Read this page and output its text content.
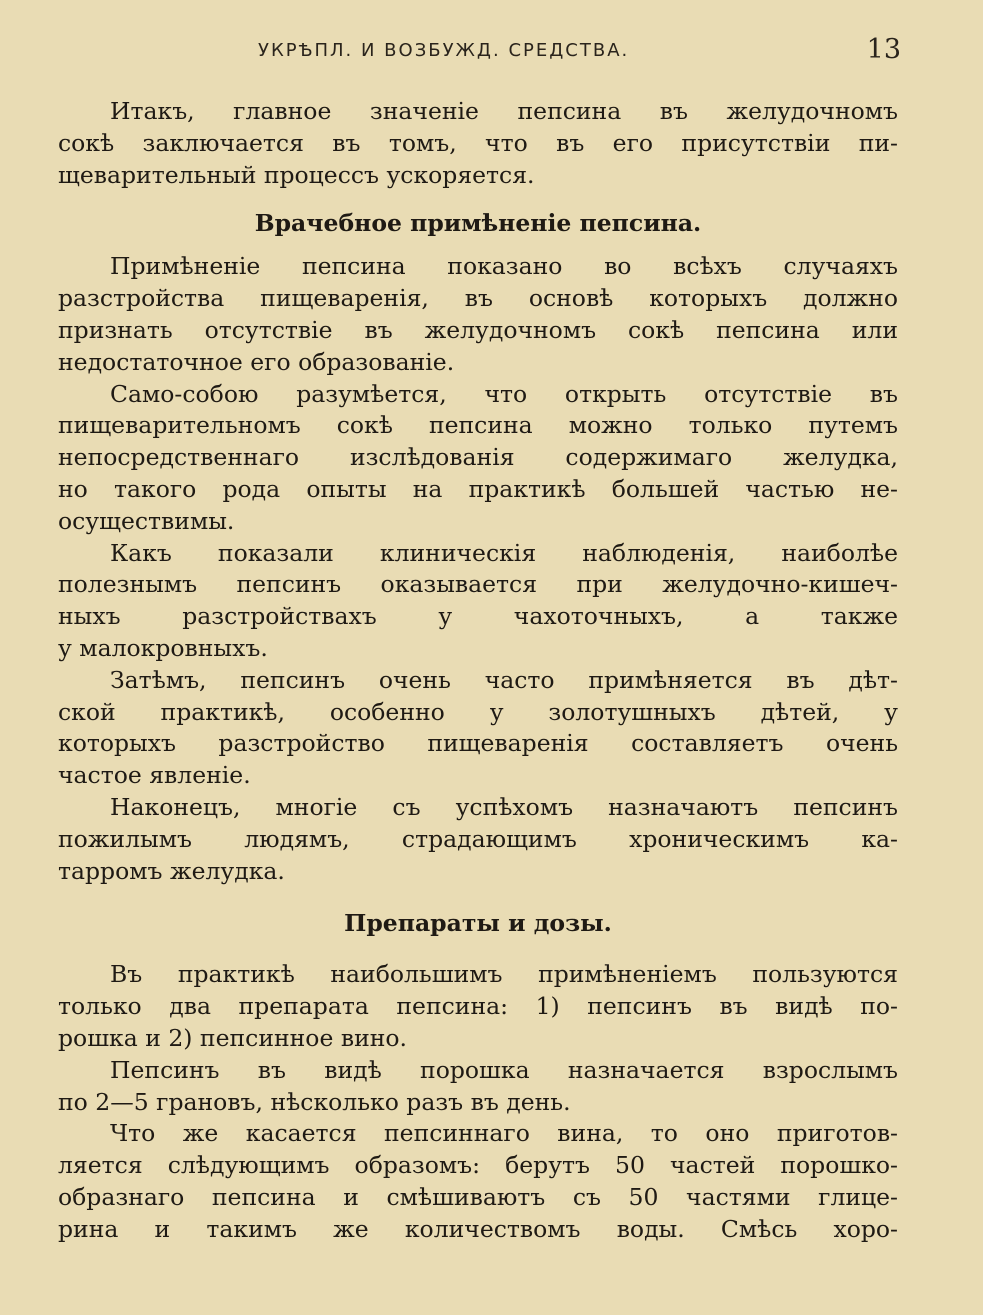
УКРѢПЛ. И ВОЗБУЖД. СРЕДСТВА.	13

Итакъ, главное значенiе пепсина въ желудочномъ
сокѣ заключается въ томъ, что въ его присутствiи пи-
щеварительный процессъ ускоряется.

Врачебное примѣненiе пепсина.

Примѣненiе пепсина показано во всѣхъ случаяхъ
разстройства пищеваренiя, въ основѣ которыхъ должно
признать отсутствiе въ желудочномъ сокѣ пепсина или
недостаточное его образованiе.

Само-собою разумѣется, что открыть отсутствiе въ
пищеварительномъ сокѣ пепсина можно только путемъ
непосредственнаго изслѣдованiя содержимаго желудка,
но такого рода опыты на практикѣ большей частью не-
осуществимы.

Какъ показали клиническiя наблюденiя, наиболѣе
полезнымъ пепсинъ оказывается при желудочно-кишеч-
ныхъ разстройствахъ у чахоточныхъ, а также
у малокровныхъ.

Затѣмъ, пепсинъ очень часто примѣняется въ дѣт-
ской практикѣ, особенно у золотушныхъ дѣтей, у
которыхъ разстройство пищеваренiя составляетъ очень
частое явленiе.

Наконецъ, многiе съ успѣхомъ назначаютъ пепсинъ
пожилымъ людямъ, страдающимъ хроническимъ ка-
тарромъ желудка.

Препараты и дозы.

Въ практикѣ наибольшимъ примѣненiемъ пользуются
только два препарата пепсина: 1) пепсинъ въ видѣ по-
рошка и 2) пепсинное вино.

Пепсинъ въ видѣ порошка назначается взрослымъ
по 2—5 грановъ, нѣсколько разъ въ день.

Что же касается пепсиннаго вина, то оно приготов-
ляется слѣдующимъ образомъ: берутъ 50 частей порошко-
образнаго пепсина и смѣшиваютъ съ 50 частями глице-
рина и такимъ же количествомъ воды. Смѣсь хоро-
